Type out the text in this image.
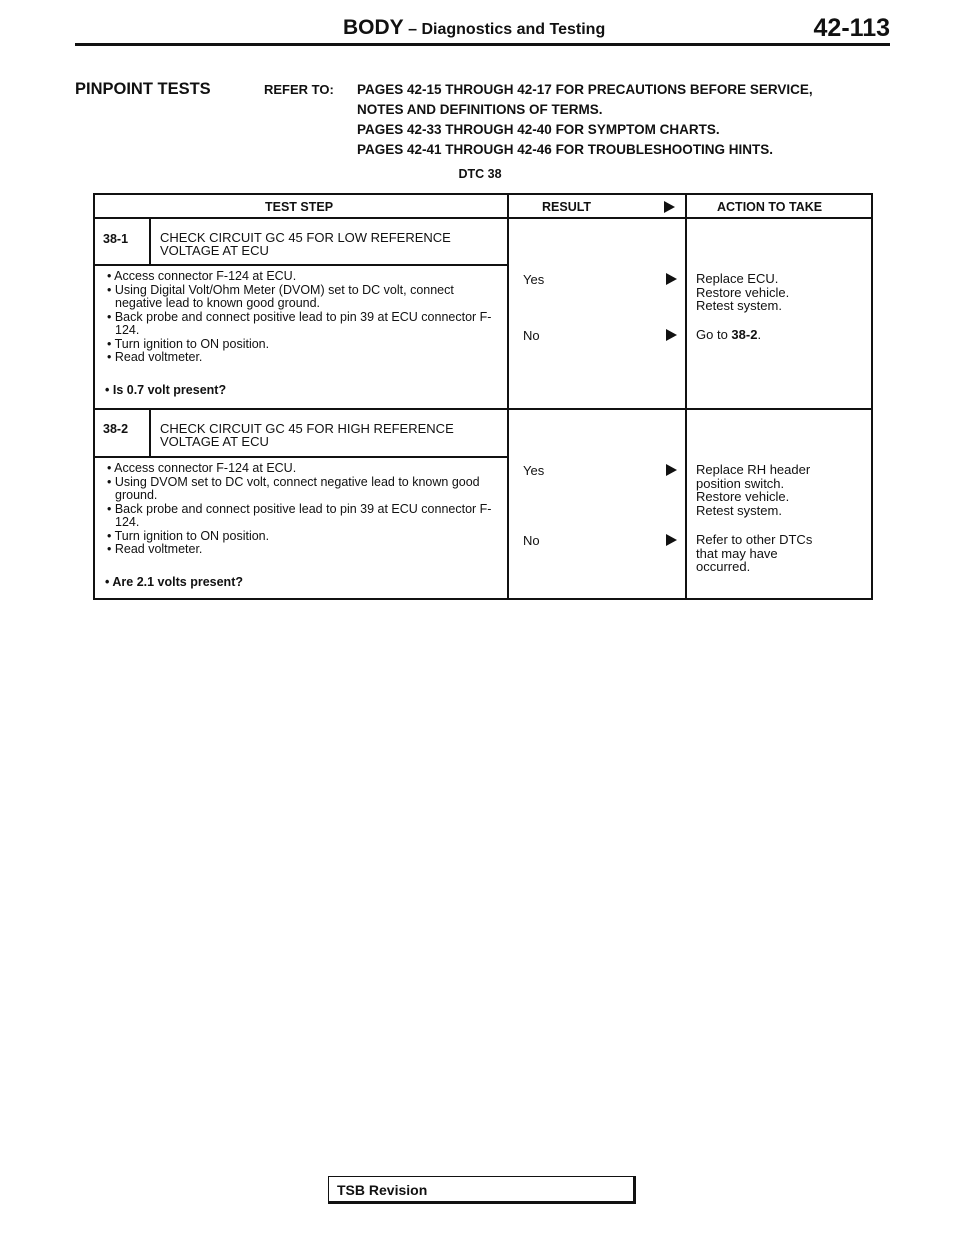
BODY – Diagnostics and Testing	42-113
PINPOINT TESTS	REFER TO: PAGES 42-15 THROUGH 42-17 FOR PRECAUTIONS BEFORE SERVICE,
NOTES AND DEFINITIONS OF TERMS.
PAGES 42-33 THROUGH 42-40 FOR SYMPTOM CHARTS.
PAGES 42-41 THROUGH 42-46 FOR TROUBLESHOOTING HINTS.
DTC 38
TEST STEP	RESULT	ACTION TO TAKE
38-1 CHECK CIRCUIT GC 45 FOR LOW REFERENCE
VOLTAGE AT ECU
• Access connector F-124 at ECU.
• Using Digital Volt/Ohm Meter (DVOM) set to DC volt, connect negative lead to known good ground.
• Back probe and connect positive lead to pin 39 at ECU connector F-124.
• Turn ignition to ON position.
• Read voltmeter.
• Is 0.7 volt present?
Yes	Replace ECU.
Restore vehicle.
Retest system.
No	Go to 38-2.
38-2 CHECK CIRCUIT GC 45 FOR HIGH REFERENCE
VOLTAGE AT ECU
• Access connector F-124 at ECU.
• Using DVOM set to DC volt, connect negative lead to known good ground.
• Back probe and connect positive lead to pin 39 at ECU connector F-124.
• Turn ignition to ON position.
• Read voltmeter.
• Are 2.1 volts present?
Yes	Replace RH header
position switch.
Restore vehicle.
Retest system.
No	Refer to other DTCs
that may have
occurred.
TSB Revision
